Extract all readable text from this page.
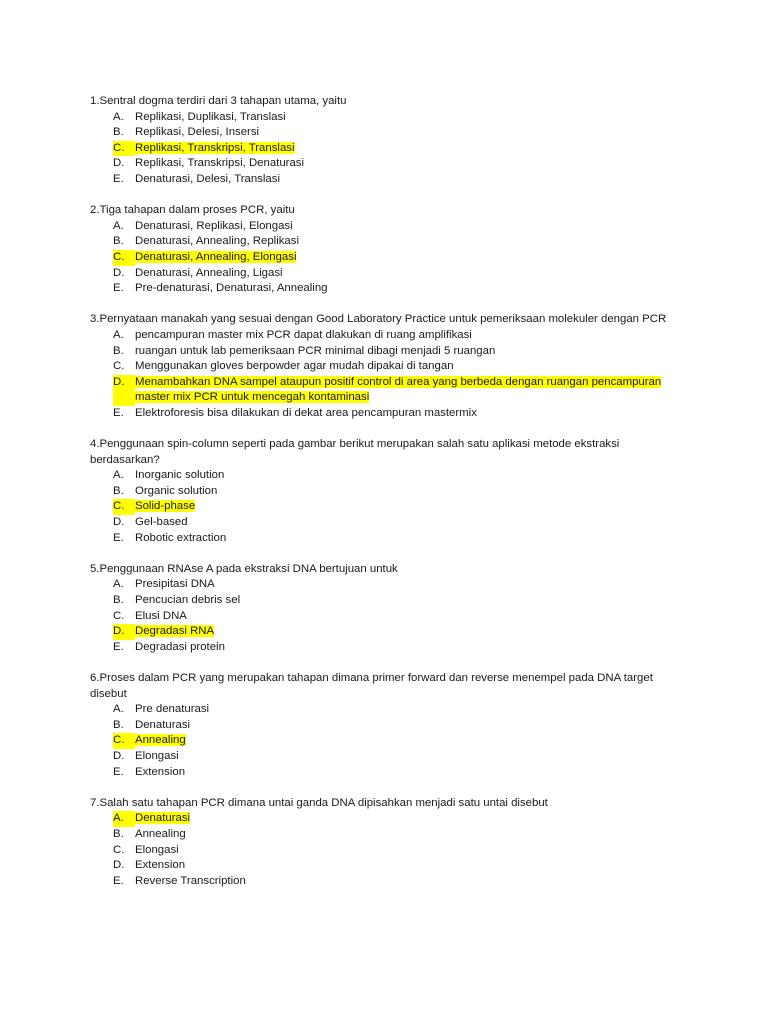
1.Sentral dogma terdiri dari 3 tahapan utama, yaitu
A. Replikasi, Duplikasi, Translasi
B. Replikasi, Delesi, Insersi
C. Replikasi, Transkripsi, Translasi
D. Replikasi, Transkripsi, Denaturasi
E. Denaturasi, Delesi, Translasi
2.Tiga tahapan dalam proses PCR, yaitu
A. Denaturasi, Replikasi, Elongasi
B. Denaturasi, Annealing, Replikasi
C. Denaturasi, Annealing, Elongasi
D. Denaturasi, Annealing, Ligasi
E. Pre-denaturasi, Denaturasi, Annealing
3.Pernyataan manakah yang sesuai dengan Good Laboratory Practice untuk pemeriksaan molekuler dengan PCR
A. pencampuran master mix PCR dapat dlakukan di ruang amplifikasi
B. ruangan untuk lab pemeriksaan PCR minimal dibagi menjadi 5 ruangan
C. Menggunakan gloves berpowder agar mudah dipakai di tangan
D. Menambahkan DNA sampel ataupun positif control di area yang berbeda dengan ruangan pencampuran master mix PCR untuk mencegah kontaminasi
E. Elektroforesis bisa dilakukan di dekat area pencampuran mastermix
4.Penggunaan spin-column seperti pada gambar berikut merupakan salah satu aplikasi metode ekstraksi berdasarkan?
A. Inorganic solution
B. Organic solution
C. Solid-phase
D. Gel-based
E. Robotic extraction
5.Penggunaan RNAse A pada ekstraksi DNA bertujuan untuk
A. Presipitasi DNA
B. Pencucian debris sel
C. Elusi DNA
D. Degradasi RNA
E. Degradasi protein
6.Proses dalam PCR yang merupakan tahapan dimana primer forward dan reverse menempel pada DNA target disebut
A. Pre denaturasi
B. Denaturasi
C. Annealing
D. Elongasi
E. Extension
7.Salah satu tahapan PCR dimana untai ganda DNA dipisahkan menjadi satu untai disebut
A. Denaturasi
B. Annealing
C. Elongasi
D. Extension
E. Reverse Transcription
